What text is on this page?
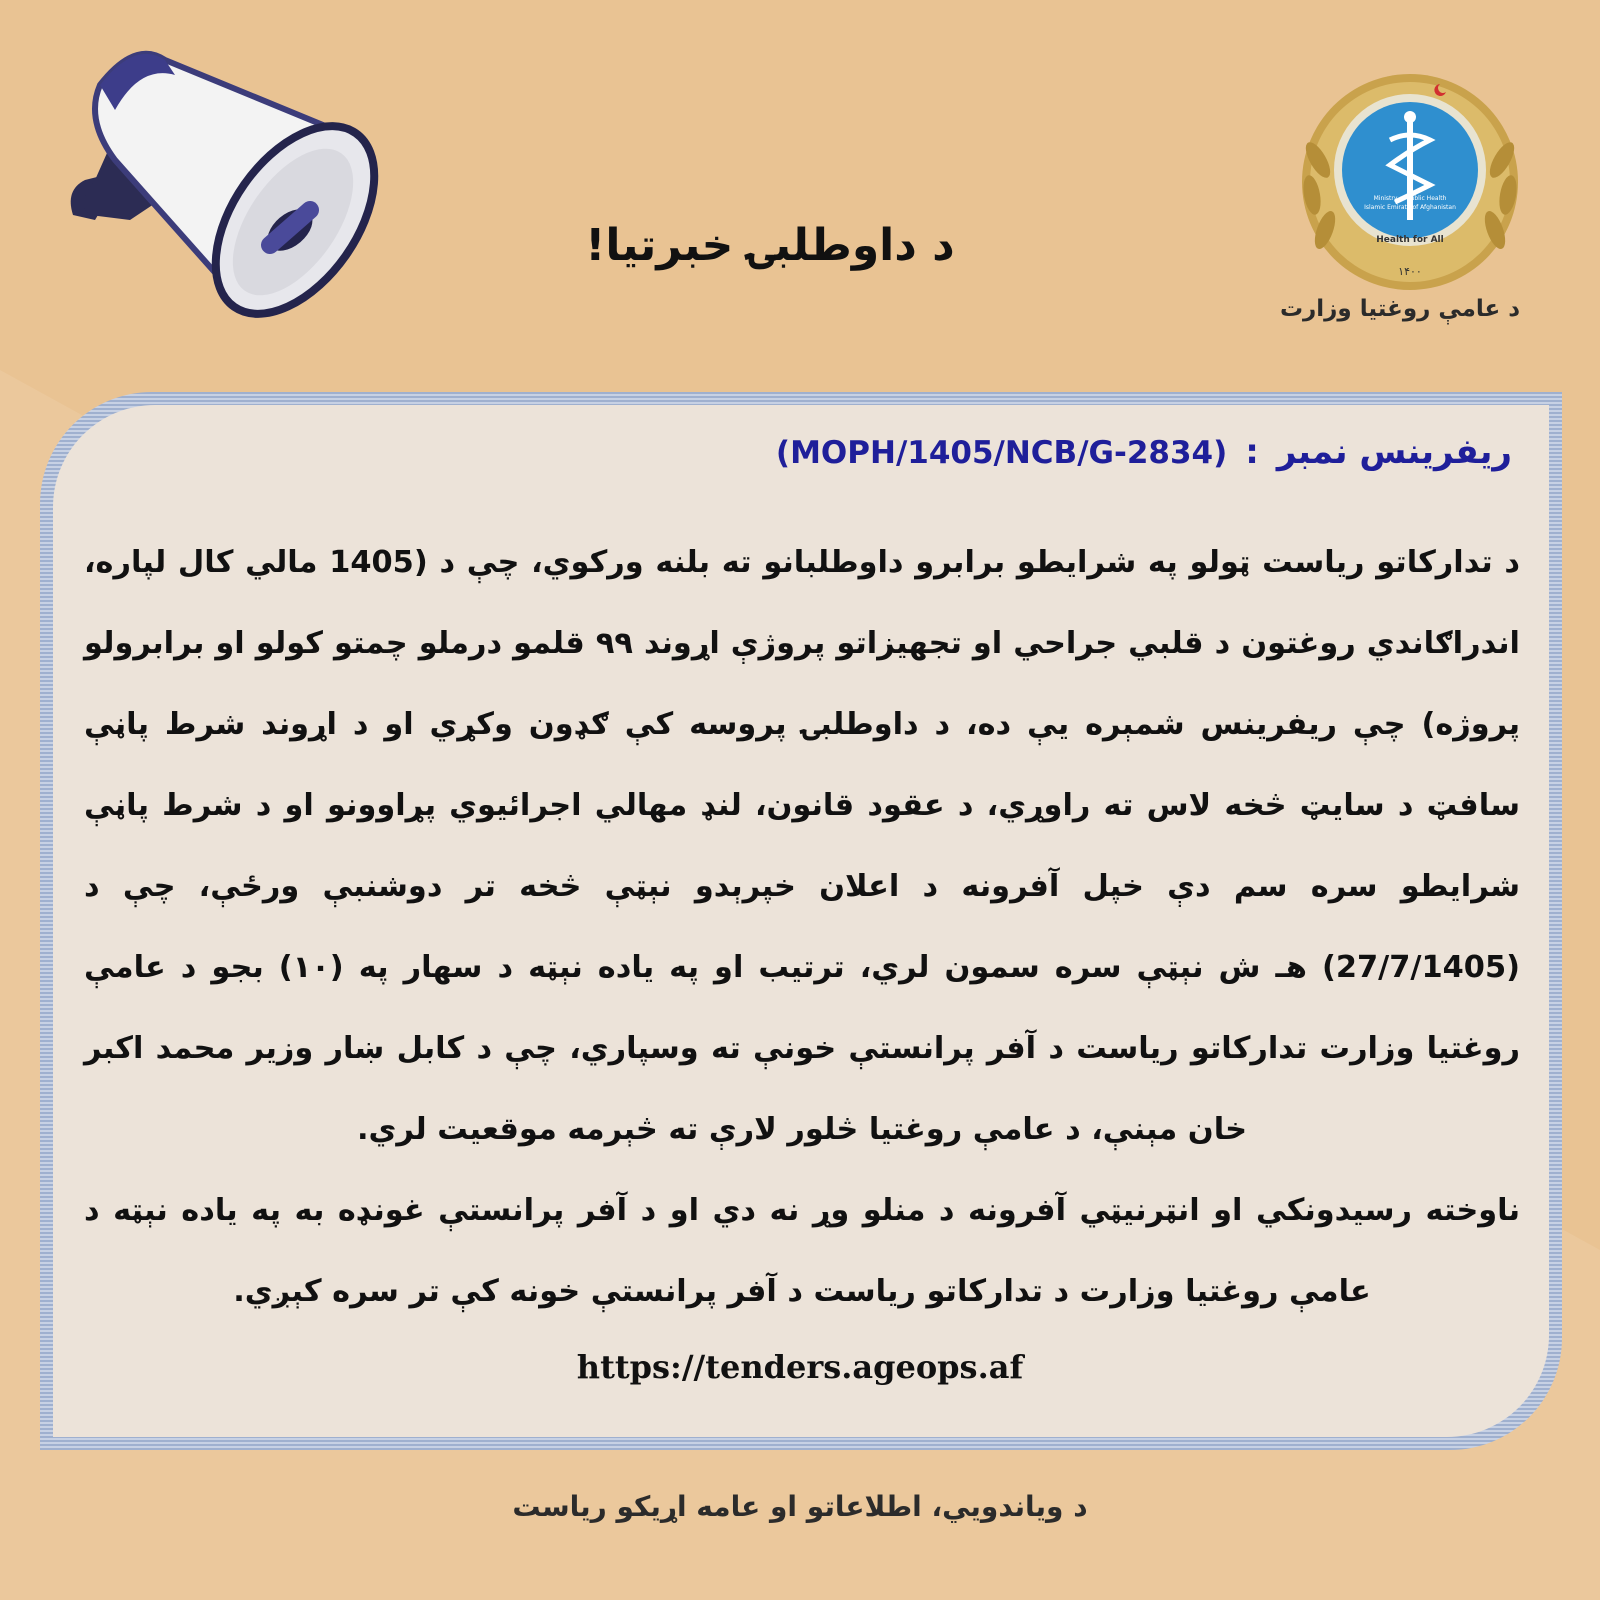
د داوطلبۍ خبرتیا!	Health for All
۱۴۰۰
Ministry of Public Health
Islamic Emirate of Afghanistan
د عامې روغتيا وزارت
ريفرينس نمبر:(MOPH/1405/NCB/G-2834)

د تدارکاتو رياست ټولو په شرايطو برابرو داوطلبانو ته بلنه ورکوي، چې د (1405 مالي کال لپاره، اندراګاندي روغتون د قلبي جراحي او تجهيزاتو پروژې اړوند ۹۹ قلمو درملو چمتو کولو او برابرولو پروژه) چې ريفرينس شمېره يې ده، د داوطلبۍ پروسه کې ګډون وکړي او د اړوند شرط پاڼې سافټ د سايټ څخه لاس ته راوړي، د عقود قانون، لنډ مهالي اجرائيوي پړاوونو او د شرط پاڼې شرايطو سره سم دې خپل آفرونه د اعلان خپرېدو نېټې څخه تر دوشنبې ورځې، چې د (27/7/1405) هـ ش نېټې سره سمون لري، ترتيب او په ياده نېټه د سهار په (۱۰) بجو د عامې روغتيا وزارت تدارکاتو رياست د آفر پرانستې خونې ته وسپاري، چې د کابل ښار وزير محمد اکبر خان مېنې، د عامې روغتيا څلور لارې ته څېرمه موقعيت لري.

ناوخته رسيدونکي او انټرنيټي آفرونه د منلو وړ نه دي او د آفر پرانستې غونډه به په ياده نېټه د عامې روغتيا وزارت د تدارکاتو رياست د آفر پرانستې خونه کې تر سره کېږي.

https://tenders.ageops.af
د ویاندويي، اطلاعاتو او عامه اړیکو ریاست
